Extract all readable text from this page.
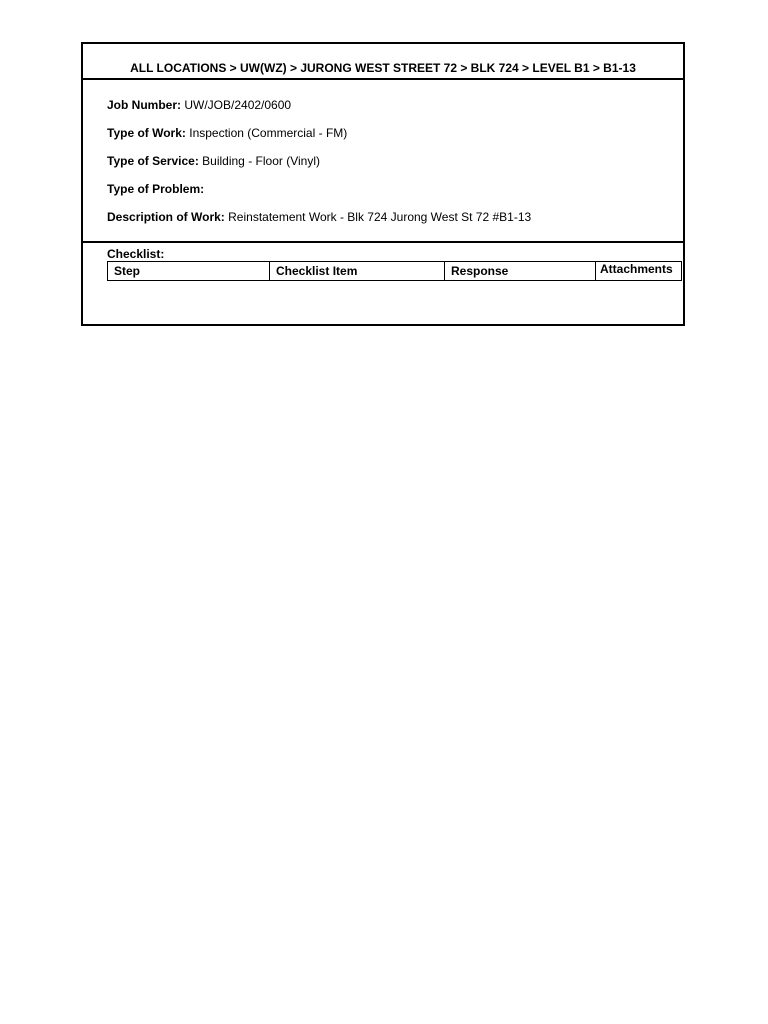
ALL LOCATIONS > UW(WZ) > JURONG WEST STREET 72 > BLK 724 > LEVEL B1 > B1-13
Job Number: UW/JOB/2402/0600
Type of Work: Inspection (Commercial - FM)
Type of Service: Building - Floor (Vinyl)
Type of Problem:
Description of Work: Reinstatement Work - Blk 724 Jurong West St 72 #B1-13
Checklist:
Step	Checklist Item	Response	Attachments
